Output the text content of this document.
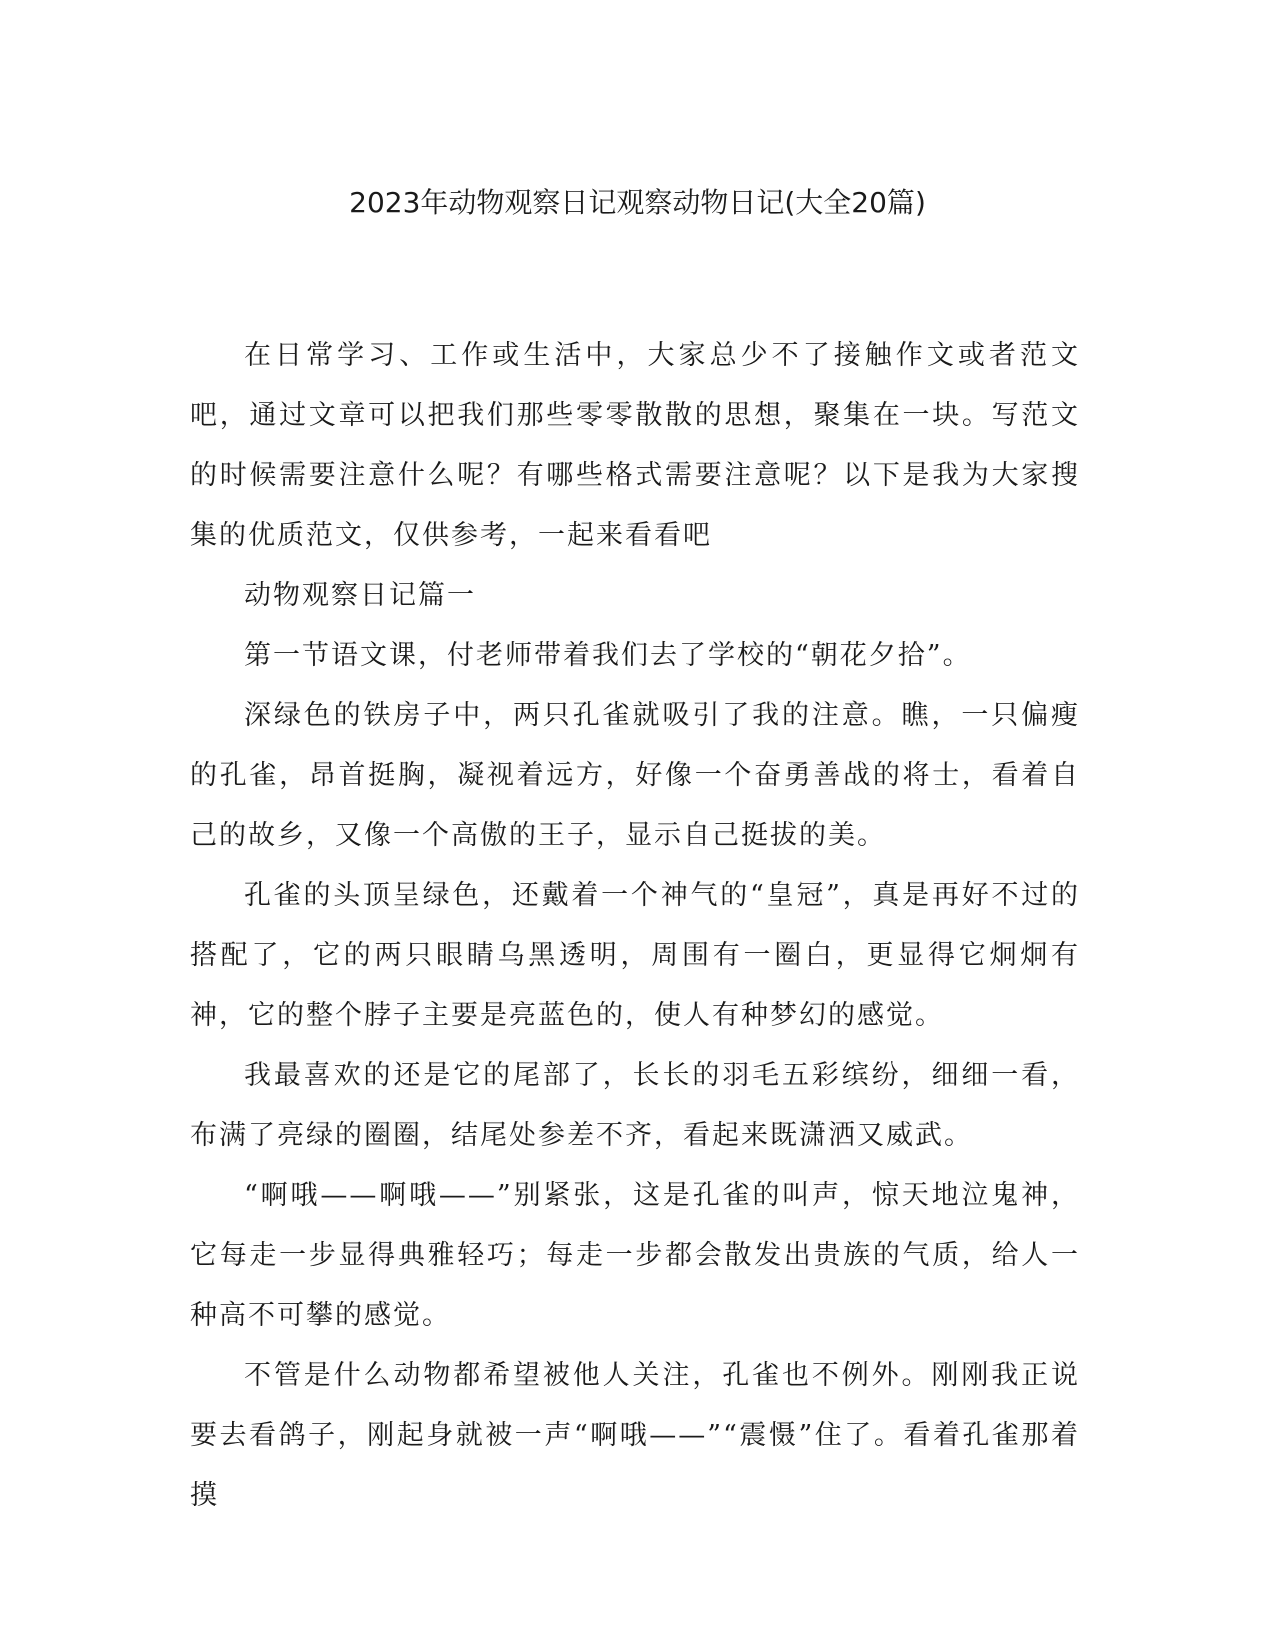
2023年动物观察日记观察动物日记(大全20篇)

在日常学习、工作或生活中，大家总少不了接触作文或者范文吧，通过文章可以把我们那些零零散散的思想，聚集在一块。写范文的时候需要注意什么呢？有哪些格式需要注意呢？以下是我为大家搜集的优质范文，仅供参考，一起来看看吧

动物观察日记篇一

第一节语文课，付老师带着我们去了学校的“朝花夕拾”。

深绿色的铁房子中，两只孔雀就吸引了我的注意。瞧，一只偏瘦的孔雀，昂首挺胸，凝视着远方，好像一个奋勇善战的将士，看着自己的故乡，又像一个高傲的王子，显示自己挺拔的美。

孔雀的头顶呈绿色，还戴着一个神气的“皇冠”，真是再好不过的搭配了，它的两只眼睛乌黑透明，周围有一圈白，更显得它炯炯有神，它的整个脖子主要是亮蓝色的，使人有种梦幻的感觉。

我最喜欢的还是它的尾部了，长长的羽毛五彩缤纷，细细一看，布满了亮绿的圈圈，结尾处参差不齐，看起来既潇洒又威武。

“啊哦——啊哦——”别紧张，这是孔雀的叫声，惊天地泣鬼神，它每走一步显得典雅轻巧；每走一步都会散发出贵族的气质，给人一种高不可攀的感觉。

不管是什么动物都希望被他人关注，孔雀也不例外。刚刚我正说要去看鸽子，刚起身就被一声“啊哦——”“震慑”住了。看着孔雀那着摸
